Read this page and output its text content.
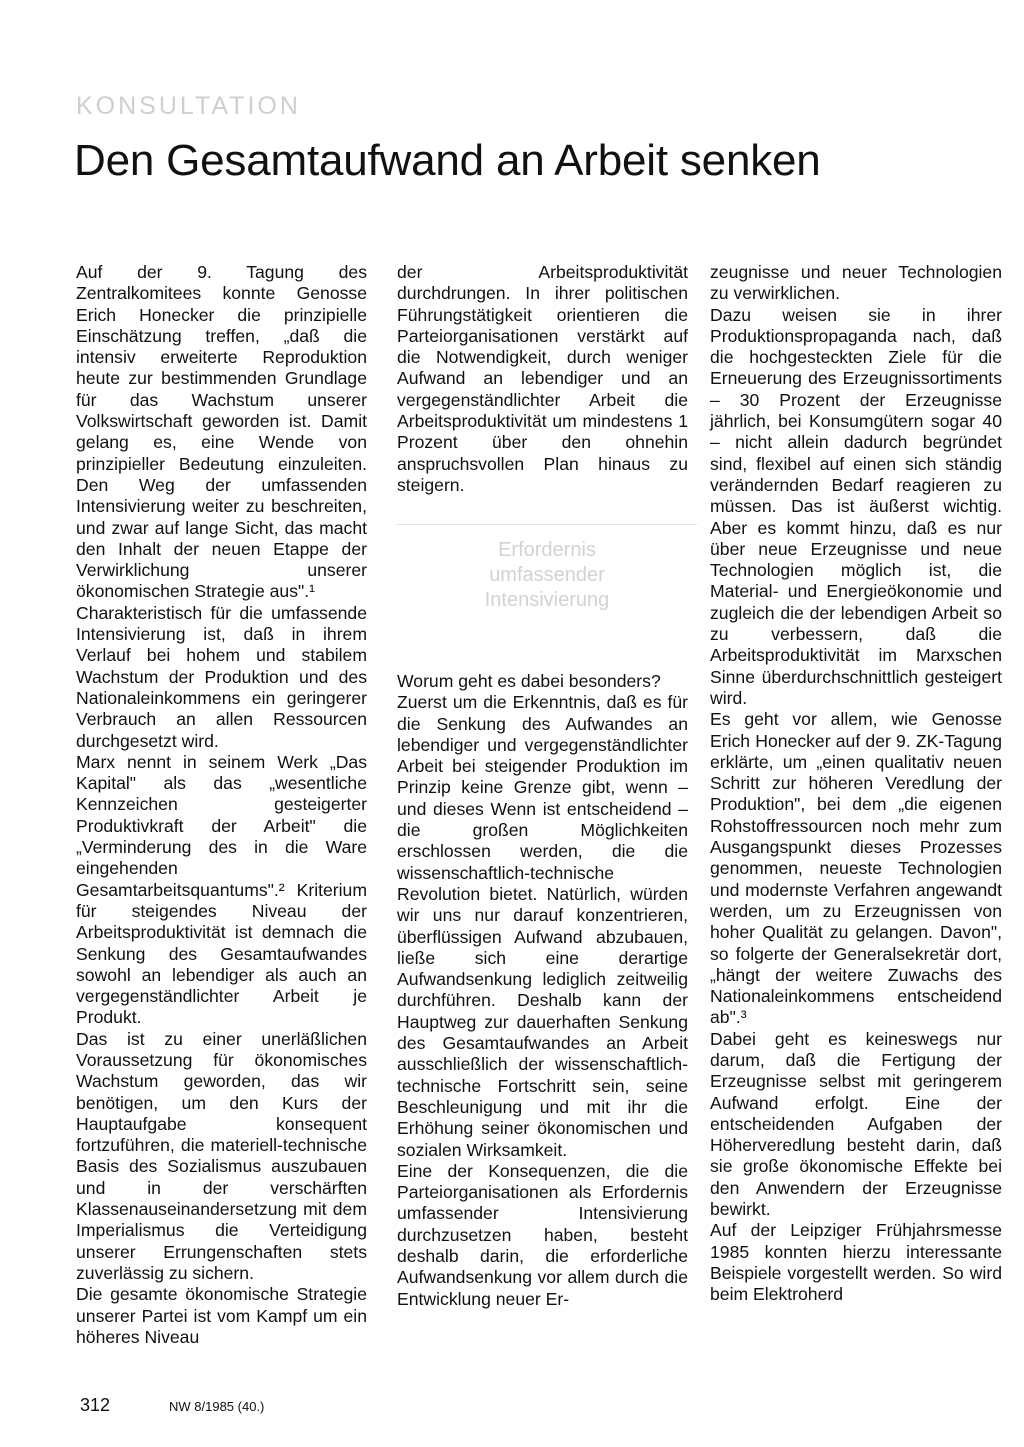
KONSULTATION
Den Gesamtaufwand an Arbeit senken

Auf der 9. Tagung des Zentralkomitees konnte Genosse Erich Honecker die prinzipielle Einschätzung treffen, „daß die intensiv erweiterte Reproduktion heute zur bestimmenden Grundlage für das Wachstum unserer Volkswirtschaft geworden ist. Damit gelang es, eine Wende von prinzipieller Bedeutung einzuleiten. Den Weg der umfassenden Intensivierung weiter zu beschreiten, und zwar auf lange Sicht, das macht den Inhalt der neuen Etappe der Verwirklichung unserer ökonomischen Strategie aus".¹

Charakteristisch für die umfassende Intensivierung ist, daß in ihrem Verlauf bei hohem und stabilem Wachstum der Produktion und des Nationaleinkommens ein geringerer Verbrauch an allen Ressourcen durchgesetzt wird.

Marx nennt in seinem Werk „Das Kapital" als das „wesentliche Kennzeichen gesteigerter Produktivkraft der Arbeit" die „Verminderung des in die Ware eingehenden Gesamtarbeitsquantums".² Kriterium für steigendes Niveau der Arbeitsproduktivität ist demnach die Senkung des Gesamtaufwandes sowohl an lebendiger als auch an vergegenständlichter Arbeit je Produkt.

Das ist zu einer unerläßlichen Voraussetzung für ökonomisches Wachstum geworden, das wir benötigen, um den Kurs der Hauptaufgabe konsequent fortzuführen, die materiell-technische Basis des Sozialismus auszubauen und in der verschärften Klassenauseinandersetzung mit dem Imperialismus die Verteidigung unserer Errungenschaften stets zuverlässig zu sichern.

Die gesamte ökonomische Strategie unserer Partei ist vom Kampf um ein höheres Niveau

der Arbeitsproduktivität durchdrungen. In ihrer politischen Führungstätigkeit orientieren die Parteiorganisationen verstärkt auf die Notwendigkeit, durch weniger Aufwand an lebendiger und an vergegenständlichter Arbeit die Arbeitsproduktivität um mindestens 1 Prozent über den ohnehin anspruchsvollen Plan hinaus zu steigern.

Erfordernis
umfassender
Intensivierung

Worum geht es dabei besonders?

Zuerst um die Erkenntnis, daß es für die Senkung des Aufwandes an lebendiger und vergegenständlichter Arbeit bei steigender Produktion im Prinzip keine Grenze gibt, wenn – und dieses Wenn ist entscheidend – die großen Möglichkeiten erschlossen werden, die die wissenschaftlich-technische Revolution bietet. Natürlich, würden wir uns nur darauf konzentrieren, überflüssigen Aufwand abzubauen, ließe sich eine derartige Aufwandsenkung lediglich zeitweilig durchführen. Deshalb kann der Hauptweg zur dauerhaften Senkung des Gesamtaufwandes an Arbeit ausschließlich der wissenschaftlich-technische Fortschritt sein, seine Beschleunigung und mit ihr die Erhöhung seiner ökonomischen und sozialen Wirksamkeit.

Eine der Konsequenzen, die die Parteiorganisationen als Erfordernis umfassender Intensivierung durchzusetzen haben, besteht deshalb darin, die erforderliche Aufwandsenkung vor allem durch die Entwicklung neuer Er-

zeugnisse und neuer Technologien zu verwirklichen.

Dazu weisen sie in ihrer Produktionspropaganda nach, daß die hochgesteckten Ziele für die Erneuerung des Erzeugnissortiments – 30 Prozent der Erzeugnisse jährlich, bei Konsumgütern sogar 40 – nicht allein dadurch begründet sind, flexibel auf einen sich ständig verändernden Bedarf reagieren zu müssen. Das ist äußerst wichtig. Aber es kommt hinzu, daß es nur über neue Erzeugnisse und neue Technologien möglich ist, die Material- und Energieökonomie und zugleich die der lebendigen Arbeit so zu verbessern, daß die Arbeitsproduktivität im Marxschen Sinne überdurchschnittlich gesteigert wird.

Es geht vor allem, wie Genosse Erich Honecker auf der 9. ZK-Tagung erklärte, um „einen qualitativ neuen Schritt zur höheren Veredlung der Produktion", bei dem „die eigenen Rohstoffressourcen noch mehr zum Ausgangspunkt dieses Prozesses genommen, neueste Technologien und modernste Verfahren angewandt werden, um zu Erzeugnissen von hoher Qualität zu gelangen. Davon", so folgerte der Generalsekretär dort, „hängt der weitere Zuwachs des Nationaleinkommens entscheidend ab".³

Dabei geht es keineswegs nur darum, daß die Fertigung der Erzeugnisse selbst mit geringerem Aufwand erfolgt. Eine der entscheidenden Aufgaben der Höherveredlung besteht darin, daß sie große ökonomische Effekte bei den Anwendern der Erzeugnisse bewirkt.

Auf der Leipziger Frühjahrsmesse 1985 konnten hierzu interessante Beispiele vorgestellt werden. So wird beim Elektroherd

312	NW 8/1985 (40.)
